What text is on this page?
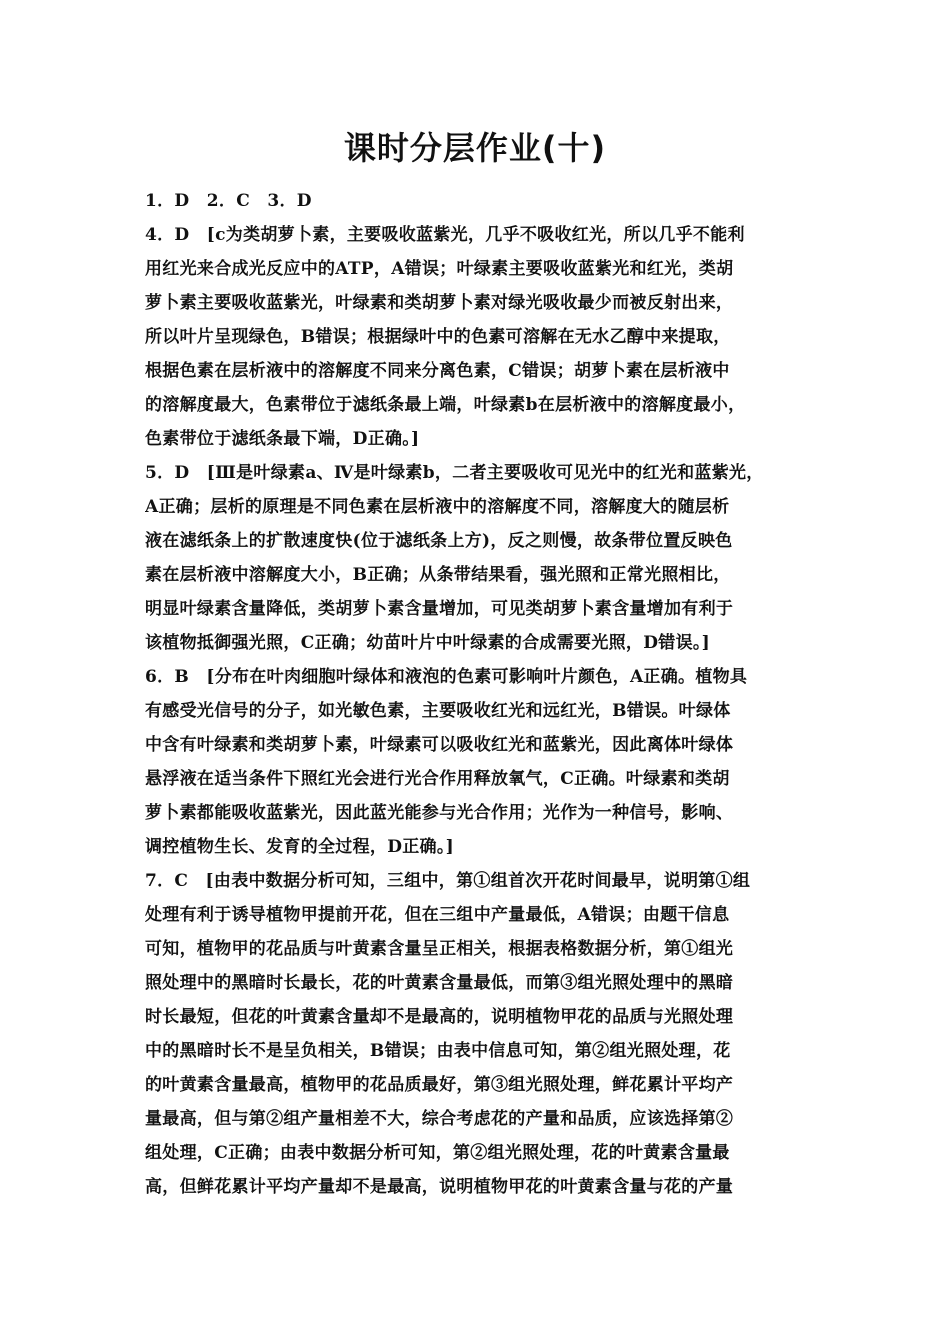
课时分层作业(十)
1．D　2．C　3．D
4．D　[c为类胡萝卜素，主要吸收蓝紫光，几乎不吸收红光，所以几乎不能利
用红光来合成光反应中的ATP，A错误；叶绿素主要吸收蓝紫光和红光，类胡
萝卜素主要吸收蓝紫光，叶绿素和类胡萝卜素对绿光吸收最少而被反射出来，
所以叶片呈现绿色，B错误；根据绿叶中的色素可溶解在无水乙醇中来提取，
根据色素在层析液中的溶解度不同来分离色素，C错误；胡萝卜素在层析液中
的溶解度最大，色素带位于滤纸条最上端，叶绿素b在层析液中的溶解度最小，
色素带位于滤纸条最下端，D正确。]
5．D　[Ⅲ是叶绿素a、Ⅳ是叶绿素b，二者主要吸收可见光中的红光和蓝紫光，
A正确；层析的原理是不同色素在层析液中的溶解度不同，溶解度大的随层析
液在滤纸条上的扩散速度快(位于滤纸条上方)，反之则慢，故条带位置反映色
素在层析液中溶解度大小，B正确；从条带结果看，强光照和正常光照相比，
明显叶绿素含量降低，类胡萝卜素含量增加，可见类胡萝卜素含量增加有利于
该植物抵御强光照，C正确；幼苗叶片中叶绿素的合成需要光照，D错误。]
6．B　[分布在叶肉细胞叶绿体和液泡的色素可影响叶片颜色，A正确。植物具
有感受光信号的分子，如光敏色素，主要吸收红光和远红光，B错误。叶绿体
中含有叶绿素和类胡萝卜素，叶绿素可以吸收红光和蓝紫光，因此离体叶绿体
悬浮液在适当条件下照红光会进行光合作用释放氧气，C正确。叶绿素和类胡
萝卜素都能吸收蓝紫光，因此蓝光能参与光合作用；光作为一种信号，影响、
调控植物生长、发育的全过程，D正确。]
7．C　[由表中数据分析可知，三组中，第①组首次开花时间最早，说明第①组
处理有利于诱导植物甲提前开花，但在三组中产量最低，A错误；由题干信息
可知，植物甲的花品质与叶黄素含量呈正相关，根据表格数据分析，第①组光
照处理中的黑暗时长最长，花的叶黄素含量最低，而第③组光照处理中的黑暗
时长最短，但花的叶黄素含量却不是最高的，说明植物甲花的品质与光照处理
中的黑暗时长不是呈负相关，B错误；由表中信息可知，第②组光照处理，花
的叶黄素含量最高，植物甲的花品质最好，第③组光照处理，鲜花累计平均产
量最高，但与第②组产量相差不大，综合考虑花的产量和品质，应该选择第②
组处理，C正确；由表中数据分析可知，第②组光照处理，花的叶黄素含量最
高，但鲜花累计平均产量却不是最高，说明植物甲花的叶黄素含量与花的产量
